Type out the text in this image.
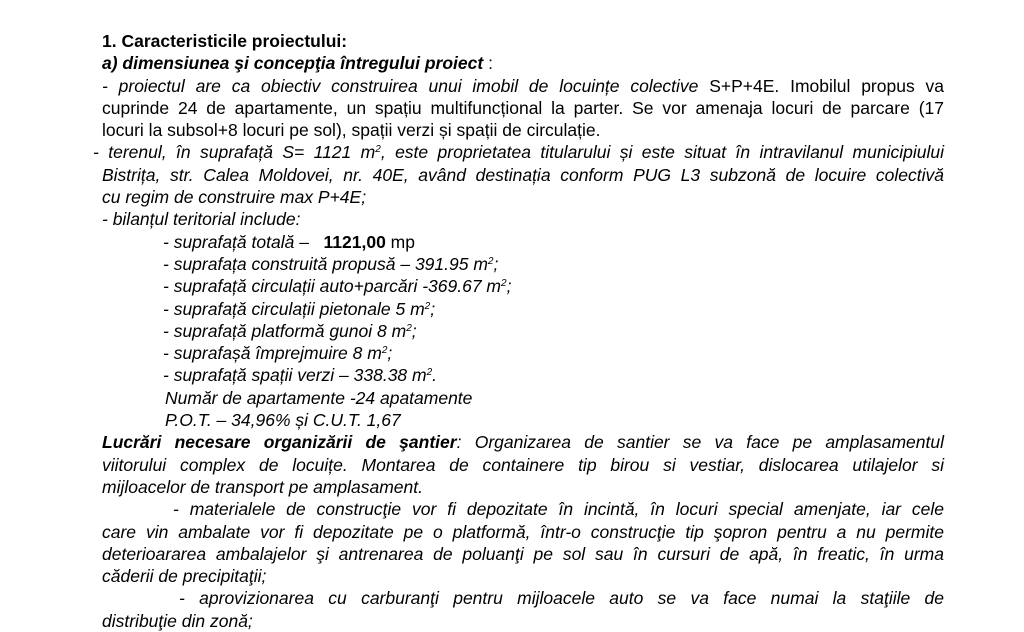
1. Caracteristicile proiectului:
a) dimensiunea şi concepţia întregului proiect :
- proiectul are ca obiectiv construirea unui imobil de locuințe colective S+P+4E. Imobilul propus va
cuprinde 24 de apartamente, un spațiu multifuncțional la parter. Se vor amenaja locuri de parcare (17
locuri la subsol+8 locuri pe sol), spații verzi și spații de circulație.
- terenul, în suprafață S= 1121 $m^2$, este proprietatea titularului și este situat în intravilanul municipiului
Bistrița, str. Calea Moldovei, nr. 40E, având destinația conform PUG L3 subzonă de locuire colectivă
cu regim de construire max P+4E;
- bilanțul teritorial include:
- suprafață totală – 1121,00 mp
- suprafața construită propusă – 391.95 $m^2$;
- suprafață circulații auto+parcări -369.67 $m^2$;
- suprafață circulații pietonale 5 $m^2$;
- suprafață platformă gunoi 8 $m^2$;
- suprafașă împrejmuire 8 $m^2$;
- suprafață spații verzi – 338.38 $m^2$.
Număr de apartamente -24 apatamente
P.O.T. – 34,96% și C.U.T. 1,67
Lucrări necesare organizării de şantier: Organizarea de santier se va face pe amplasamentul
viitorului complex de locuițe. Montarea de containere tip birou si vestiar, dislocarea utilajelor si
mijloacelor de transport pe amplasament.
- materialele de construcţie vor fi depozitate în incintă, în locuri special amenjate, iar cele
care vin ambalate vor fi depozitate pe o platformă, într-o construcţie tip şopron pentru a nu permite
deterioararea ambalajelor şi antrenarea de poluanţi pe sol sau în cursuri de apă, în freatic, în urma
căderii de precipitaţii;
- aprovizionarea cu carburanţi pentru mijloacele auto se va face numai la staţiile de
distribuţie din zonă;
